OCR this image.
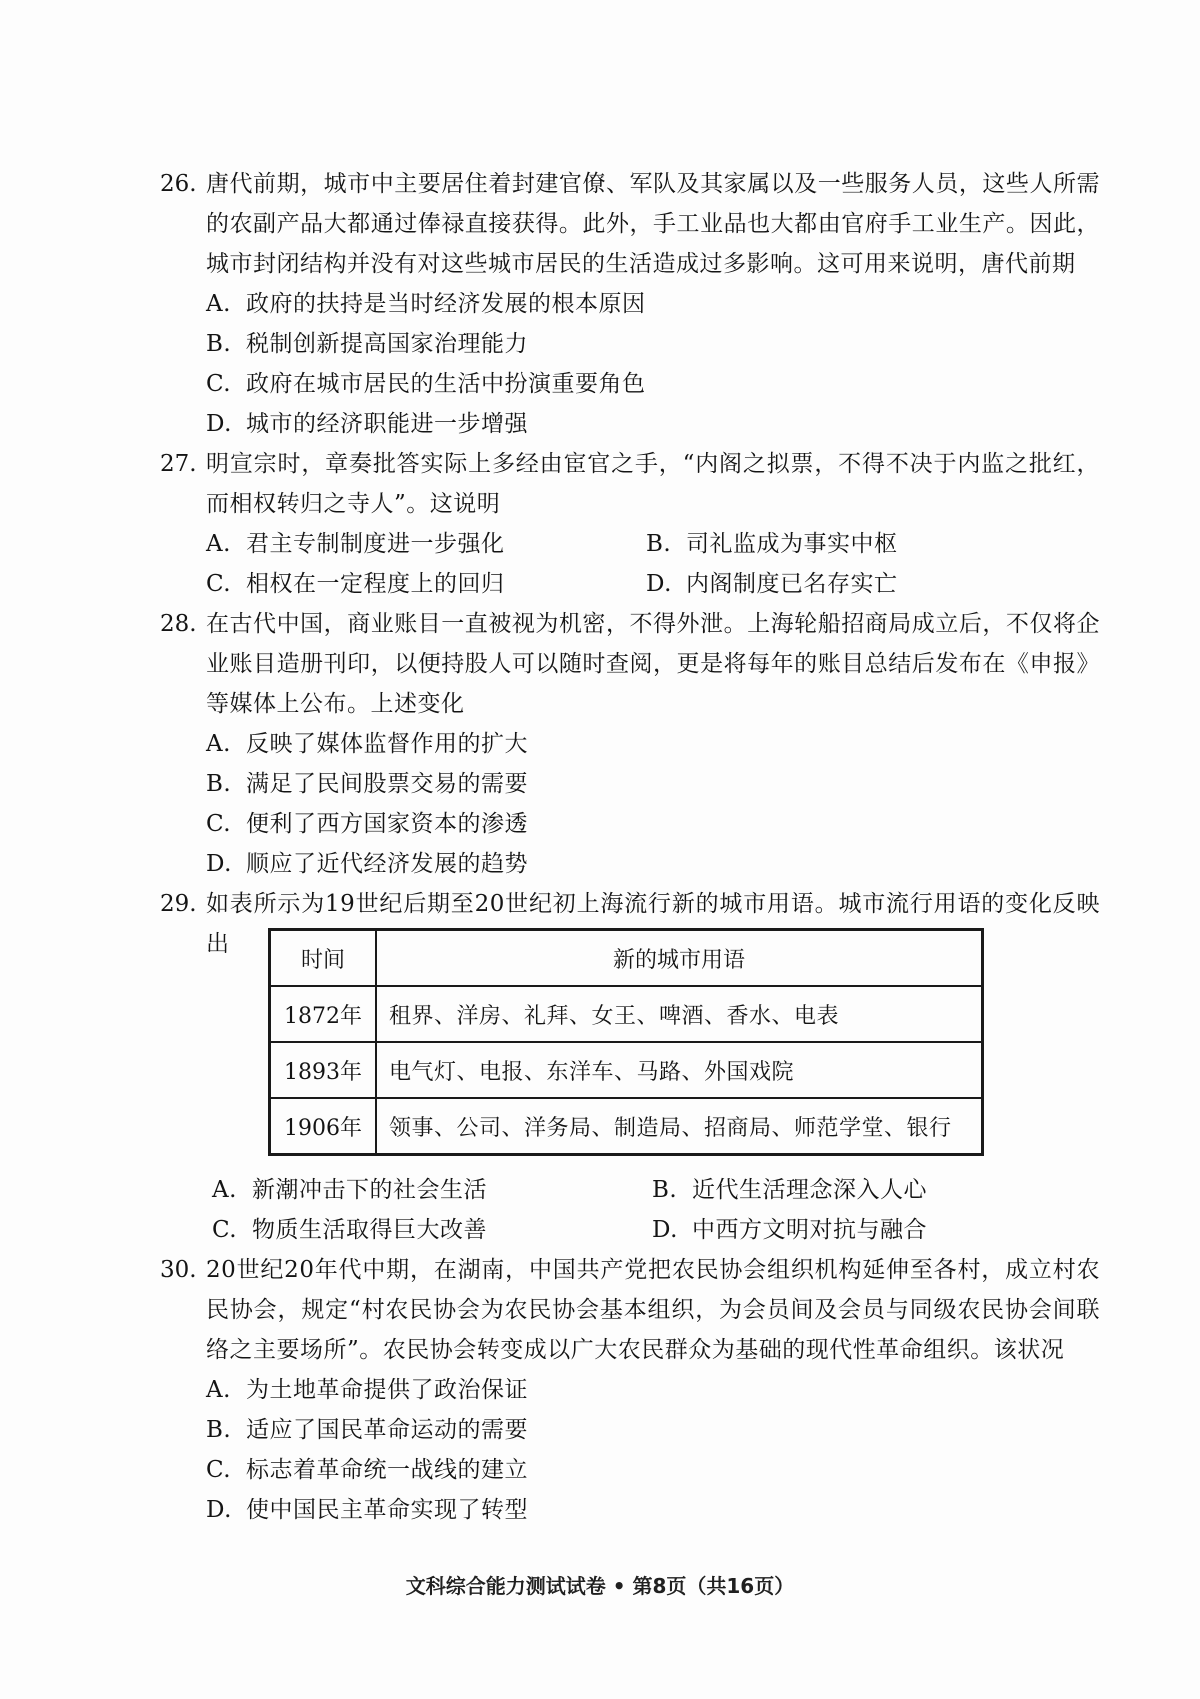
26. 唐代前期，城市中主要居住着封建官僚、军队及其家属以及一些服务人员，这些人所需的农副产品大都通过俸禄直接获得。此外，手工业品也大都由官府手工业生产。因此，城市封闭结构并没有对这些城市居民的生活造成过多影响。这可用来说明，唐代前期
A. 政府的扶持是当时经济发展的根本原因
B. 税制创新提高国家治理能力
C. 政府在城市居民的生活中扮演重要角色
D. 城市的经济职能进一步增强
27. 明宣宗时，章奏批答实际上多经由宦官之手，“内阁之拟票，不得不决于内监之批红，而相权转归之寺人”。这说明
A. 君主专制制度进一步强化	B. 司礼监成为事实中枢
C. 相权在一定程度上的回归	D. 内阁制度已名存实亡
28. 在古代中国，商业账目一直被视为机密，不得外泄。上海轮船招商局成立后，不仅将企业账目造册刊印，以便持股人可以随时查阅，更是将每年的账目总结后发布在《申报》等媒体上公布。上述变化
A. 反映了媒体监督作用的扩大
B. 满足了民间股票交易的需要
C. 便利了西方国家资本的渗透
D. 顺应了近代经济发展的趋势
29. 如表所示为19世纪后期至20世纪初上海流行新的城市用语。城市流行用语的变化反映出
时间	新的城市用语
1872年	租界、洋房、礼拜、女王、啤酒、香水、电表
1893年	电气灯、电报、东洋车、马路、外国戏院
1906年	领事、公司、洋务局、制造局、招商局、师范学堂、银行
A. 新潮冲击下的社会生活	B. 近代生活理念深入人心
C. 物质生活取得巨大改善	D. 中西方文明对抗与融合
30. 20世纪20年代中期，在湖南，中国共产党把农民协会组织机构延伸至各村，成立村农民协会，规定“村农民协会为农民协会基本组织，为会员间及会员与同级农民协会间联络之主要场所”。农民协会转变成以广大农民群众为基础的现代性革命组织。该状况
A. 为土地革命提供了政治保证
B. 适应了国民革命运动的需要
C. 标志着革命统一战线的建立
D. 使中国民主革命实现了转型
文科综合能力测试试卷 • 第8页（共16页）
